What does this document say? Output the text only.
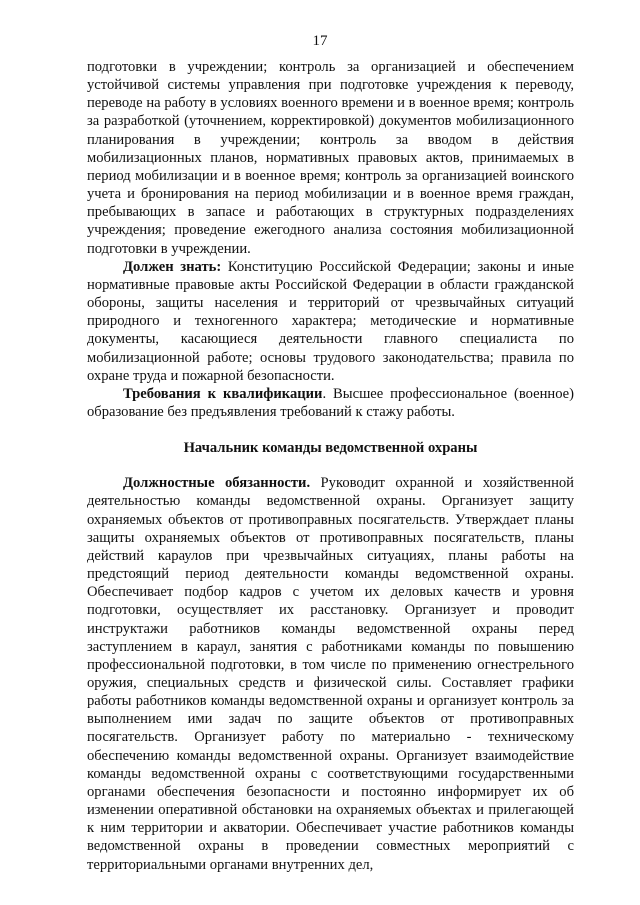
17

подготовки в учреждении; контроль за организацией и обеспечением устойчивой системы управления при подготовке учреждения к переводу, переводе на работу в условиях военного времени и в военное время; контроль за разработкой (уточнением, корректировкой) документов мобилизационного планирования в учреждении; контроль за вводом в действия мобилизационных планов, нормативных правовых актов, принимаемых в период мобилизации и в военное время; контроль за организацией воинского учета и бронирования на период мобилизации и в военное время граждан, пребывающих в запасе и работающих в структурных подразделениях учреждения; проведение ежегодного анализа состояния мобилизационной подготовки в учреждении.

Должен знать: Конституцию Российской Федерации; законы и иные нормативные правовые акты Российской Федерации в области гражданской обороны, защиты населения и территорий от чрезвычайных ситуаций природного и техногенного характера; методические и нормативные документы, касающиеся деятельности главного специалиста по мобилизационной работе; основы трудового законодательства; правила по охране труда и пожарной безопасности.

Требования к квалификации. Высшее профессиональное (военное) образование без предъявления требований к стажу работы.

Начальник команды ведомственной охраны

Должностные обязанности. Руководит охранной и хозяйственной деятельностью команды ведомственной охраны. Организует защиту охраняемых объектов от противоправных посягательств. Утверждает планы защиты охраняемых объектов от противоправных посягательств, планы действий караулов при чрезвычайных ситуациях, планы работы на предстоящий период деятельности команды ведомственной охраны. Обеспечивает подбор кадров с учетом их деловых качеств и уровня подготовки, осуществляет их расстановку. Организует и проводит инструктажи работников команды ведомственной охраны перед заступлением в караул, занятия с работниками команды по повышению профессиональной подготовки, в том числе по применению огнестрельного оружия, специальных средств и физической силы. Составляет графики работы работников команды ведомственной охраны и организует контроль за выполнением ими задач по защите объектов от противоправных посягательств. Организует работу по материально - техническому обеспечению команды ведомственной охраны. Организует взаимодействие команды ведомственной охраны с соответствующими государственными органами обеспечения безопасности и постоянно информирует их об изменении оперативной обстановки на охраняемых объектах и прилегающей к ним территории и акватории. Обеспечивает участие работников команды ведомственной охраны в проведении совместных мероприятий с территориальными органами внутренних дел,
